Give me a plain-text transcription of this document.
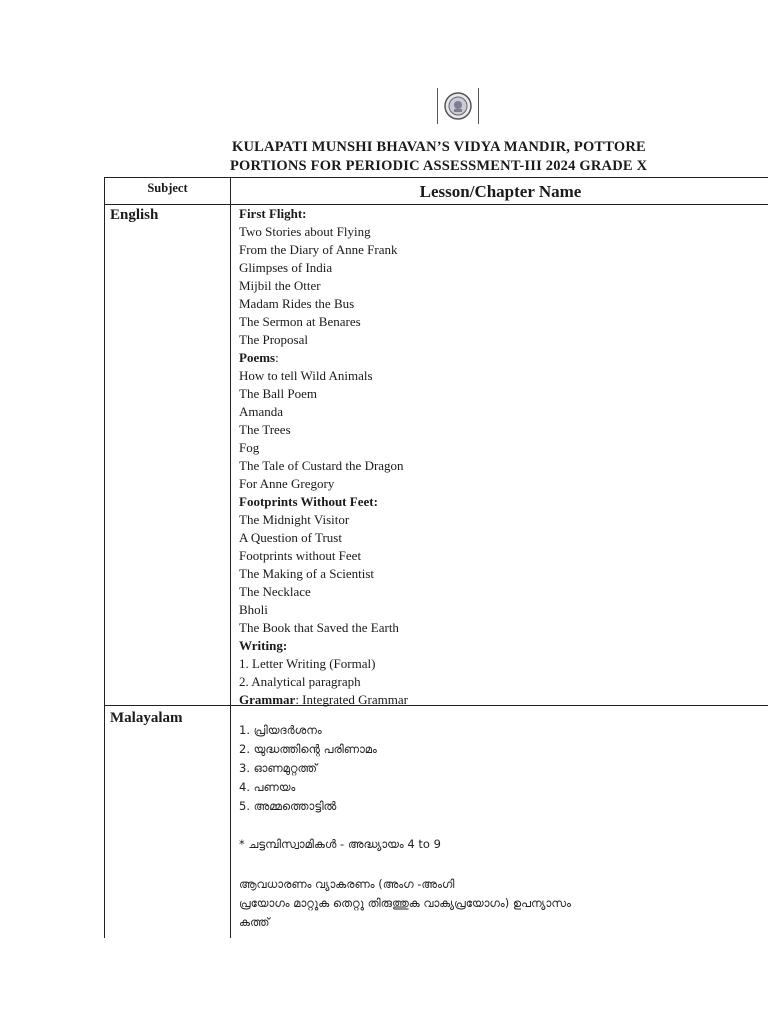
KULAPATI MUNSHI BHAVAN’S VIDYA MANDIR, POTTORE
PORTIONS FOR PERIODIC ASSESSMENT-III 2024 GRADE X
Subject	Lesson/Chapter Name
English	First Flight:
Two Stories about Flying
From the Diary of Anne Frank
Glimpses of India
Mijbil the Otter
Madam Rides the Bus
The Sermon at Benares
The Proposal
Poems:
How to tell Wild Animals
The Ball Poem
Amanda
The Trees
Fog
The Tale of Custard the Dragon
For Anne Gregory
Footprints Without Feet:
The Midnight Visitor
A Question of Trust
Footprints without Feet
The Making of a Scientist
The Necklace
Bholi
The Book that Saved the Earth
Writing:
1. Letter Writing (Formal)
2. Analytical paragraph
Grammar: Integrated Grammar
Malayalam
1. പ്രിയദർശനം
2. യുദ്ധത്തിന്റെ പരിണാമം
3. ഓണമുറ്റത്ത്
4. പണയം
5. അമ്മത്തൊട്ടിൽ
* ചട്ടമ്പിസ്വാമികൾ - അദ്ധ്യായം 4 to 9
ആവധാരണം വ്യാകരണം (അംഗ -അംഗി
പ്രയോഗം മാറ്റുക തെറ്റു തിരുത്തുക വാക്യപ്രയോഗം) ഉപന്യാസം
കത്ത്
